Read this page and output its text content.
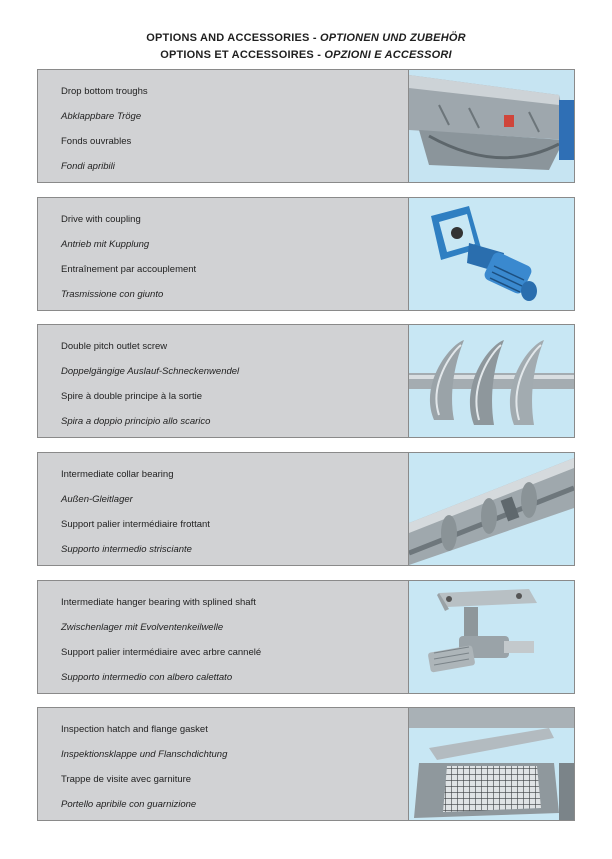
OPTIONS AND ACCESSORIES - OPTIONEN UND ZUBEHÖR
OPTIONS ET ACCESSOIRES - OPZIONI E ACCESSORI
Drop bottom troughs
Abklappbare Tröge
Fonds ouvrables
Fondi apribili
Drive with coupling
Antrieb mit Kupplung
Entraînement par accouplement
Trasmissione con giunto
Double pitch outlet screw
Doppelgängige Auslauf-Schneckenwendel
Spire à double principe à la sortie
Spira a doppio principio allo scarico
Intermediate collar bearing
Außen-Gleitlager
Support palier intermédiaire frottant
Supporto intermedio strisciante
Intermediate hanger bearing with splined shaft
Zwischenlager mit Evolventenkeilwelle
Support palier intermédiaire avec arbre cannelé
Supporto intermedio con albero calettato
Inspection hatch and flange gasket
Inspektionsklappe und Flanschdichtung
Trappe de visite avec garniture
Portello apribile con guarnizione
